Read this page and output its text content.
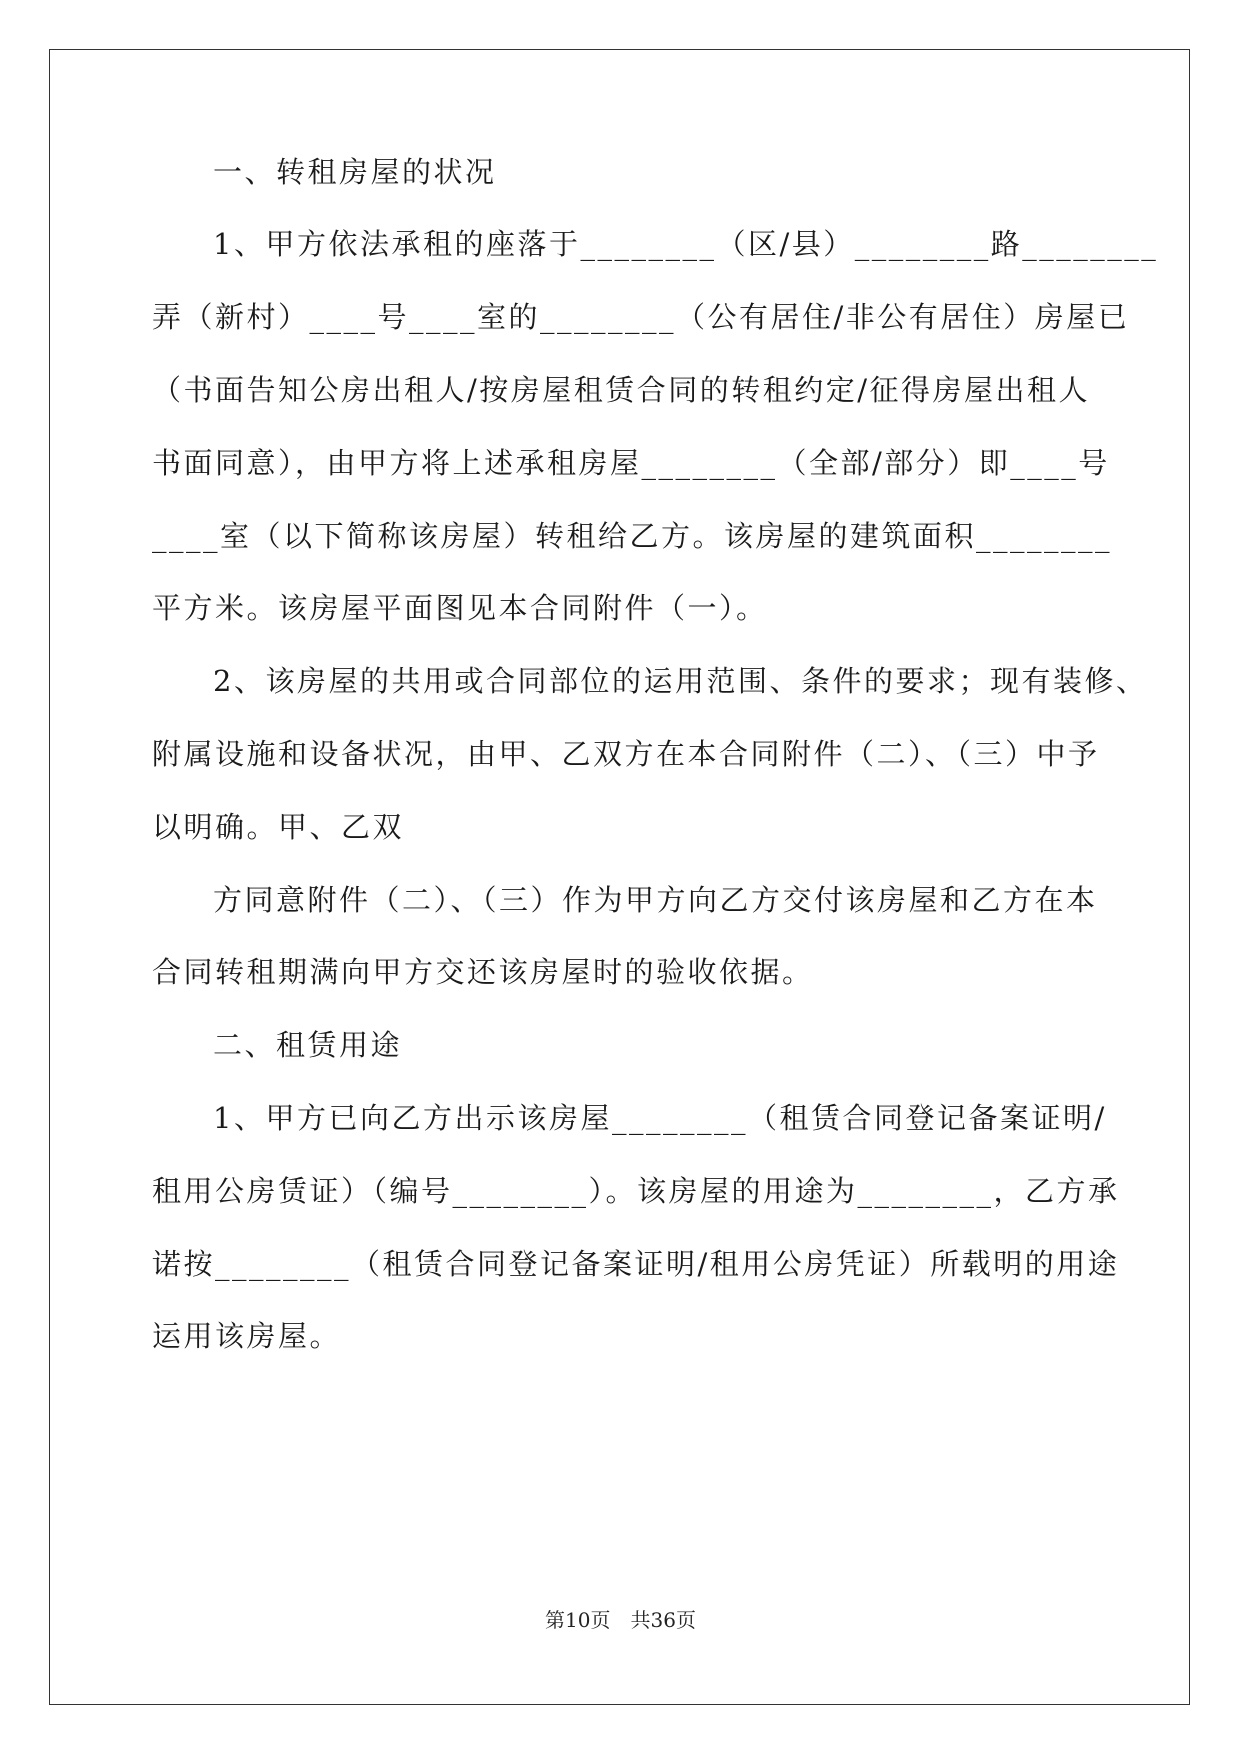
一、转租房屋的状况

1、甲方依法承租的座落于________（区/县）________路________

弄（新村）____号____室的________（公有居住/非公有居住）房屋已

（书面告知公房出租人/按房屋租赁合同的转租约定/征得房屋出租人

书面同意），由甲方将上述承租房屋________（全部/部分）即____号

____室（以下简称该房屋）转租给乙方。该房屋的建筑面积________

平方米。该房屋平面图见本合同附件（一）。

2、该房屋的共用或合同部位的运用范围、条件的要求；现有装修、

附属设施和设备状况，由甲、乙双方在本合同附件（二）、（三）中予

以明确。甲、乙双

方同意附件（二）、（三）作为甲方向乙方交付该房屋和乙方在本

合同转租期满向甲方交还该房屋时的验收依据。

二、租赁用途

1、甲方已向乙方出示该房屋________（租赁合同登记备案证明/

租用公房赁证）（编号________）。该房屋的用途为________，乙方承

诺按________（租赁合同登记备案证明/租用公房凭证）所载明的用途

运用该房屋。

第10页　共36页
